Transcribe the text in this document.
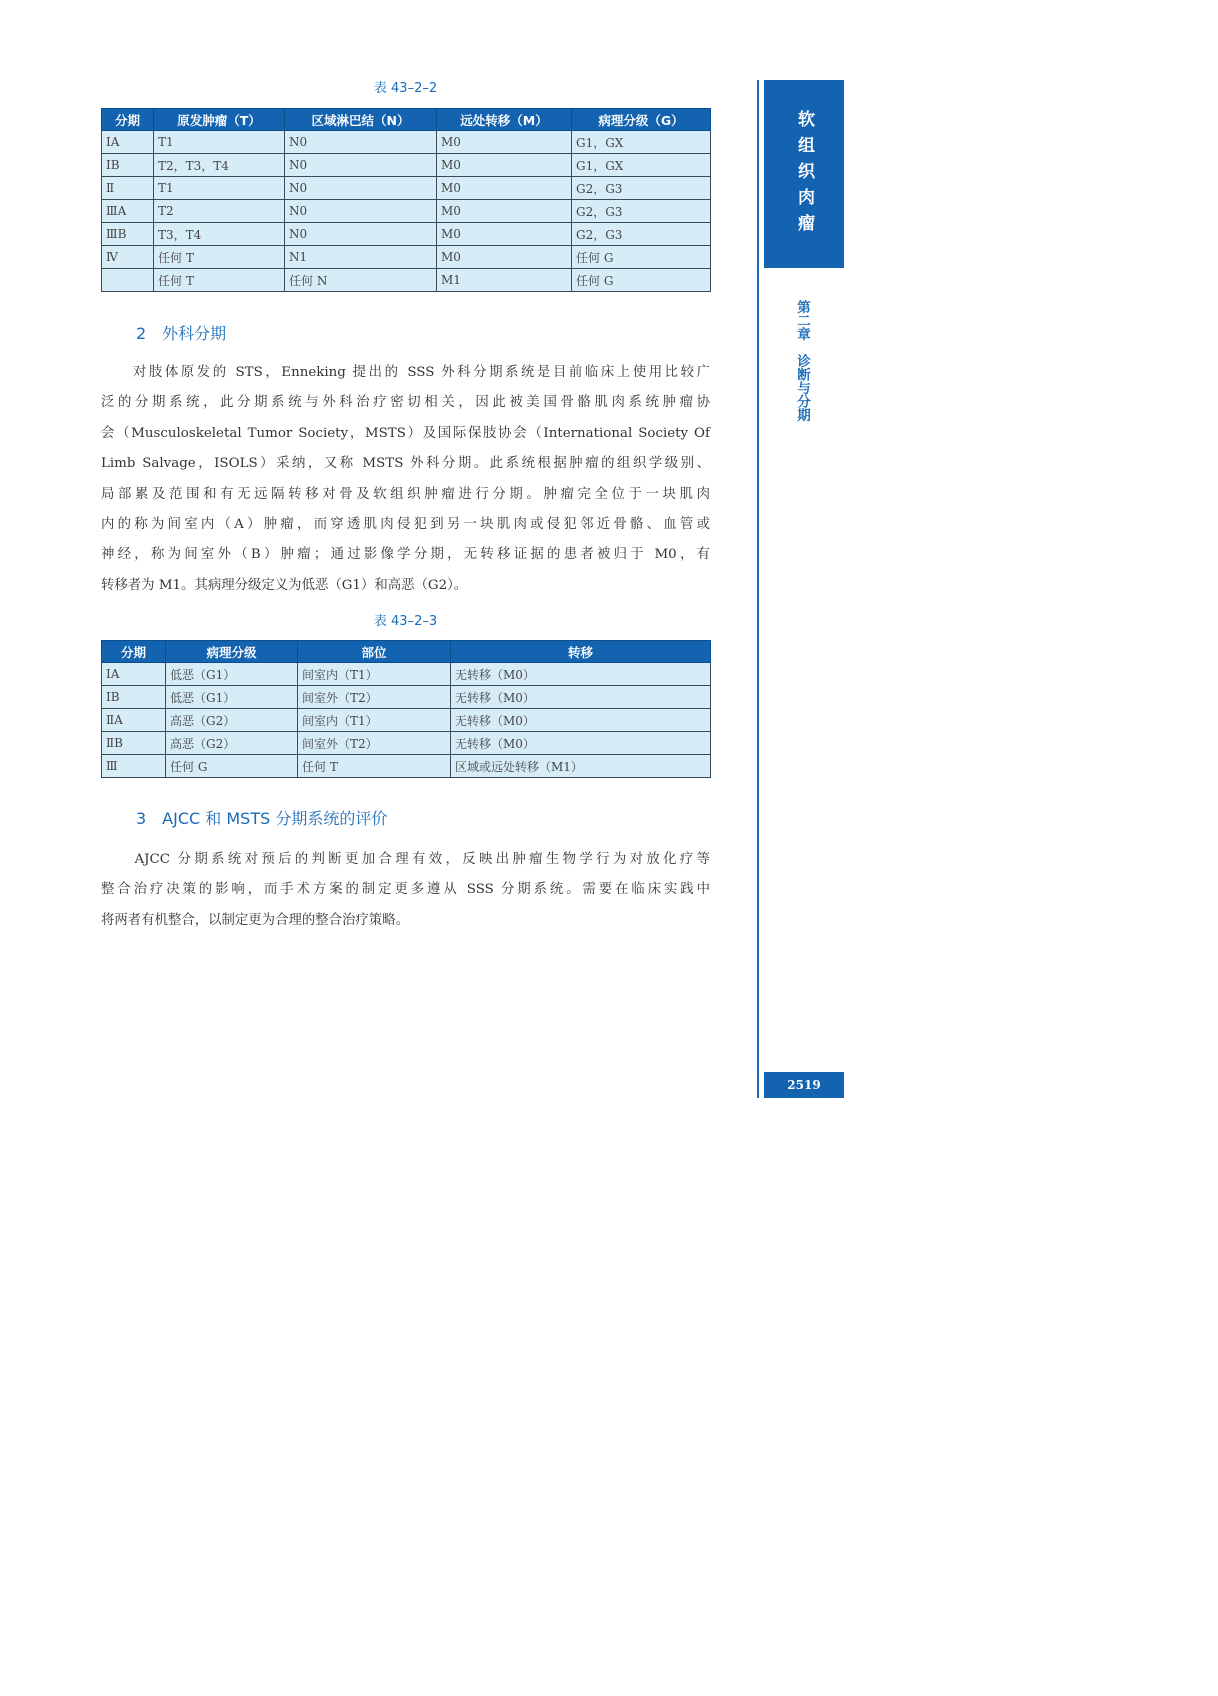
表 43–2–2
分期	原发肿瘤（T）	区域淋巴结（N）	远处转移（M）	病理分级（G）
ⅠA	T1	N0	M0	G1，GX
ⅠB	T2，T3，T4	N0	M0	G1，GX
Ⅱ	T1	N0	M0	G2，G3
ⅢA	T2	N0	M0	G2，G3
ⅢB	T3，T4	N0	M0	G2，G3
Ⅳ	任何 T	N1	M0	任何 G
	任何 T	任何 N	M1	任何 G
2　外科分期
　　对肢体原发的 STS，Enneking 提出的 SSS 外科分期系统是目前临床上使用比较广
泛的分期系统，此分期系统与外科治疗密切相关，因此被美国骨骼肌肉系统肿瘤协
会（Musculoskeletal Tumor Society，MSTS）及国际保肢协会（International Society Of
Limb Salvage，ISOLS）采纳，又称 MSTS 外科分期。此系统根据肿瘤的组织学级别、
局部累及范围和有无远隔转移对骨及软组织肿瘤进行分期。肿瘤完全位于一块肌肉
内的称为间室内（A）肿瘤，而穿透肌肉侵犯到另一块肌肉或侵犯邻近骨骼、血管或
神经，称为间室外（B）肿瘤；通过影像学分期，无转移证据的患者被归于 M0，有
转移者为 M1。其病理分级定义为低恶（G1）和高恶（G2）。
表 43–2–3
分期	病理分级	部位	转移
ⅠA	低恶（G1）	间室内（T1）	无转移（M0）
ⅠB	低恶（G1）	间室外（T2）	无转移（M0）
ⅡA	高恶（G2）	间室内（T1）	无转移（M0）
ⅡB	高恶（G2）	间室外（T2）	无转移（M0）
Ⅲ	任何 G	任何 T	区域或远处转移（M1）
3　AJCC 和 MSTS 分期系统的评价
　　AJCC 分期系统对预后的判断更加合理有效，反映出肿瘤生物学行为对放化疗等
整合治疗决策的影响，而手术方案的制定更多遵从 SSS 分期系统。需要在临床实践中
将两者有机整合，以制定更为合理的整合治疗策略。
软组织肉瘤
第二章　诊断与分期
2519
